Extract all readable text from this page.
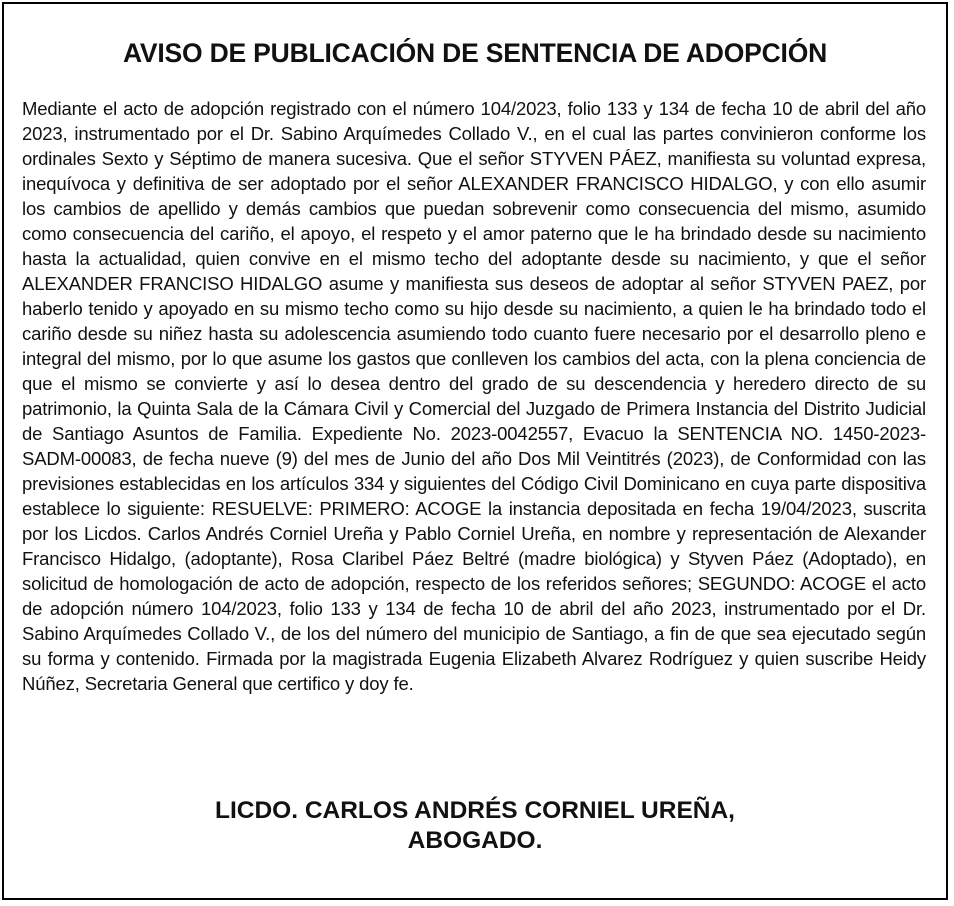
AVISO DE PUBLICACIÓN DE SENTENCIA DE ADOPCIÓN

Mediante el acto de adopción registrado con el número 104/2023, folio 133 y 134 de fecha 10 de abril del año 2023, instrumentado por el Dr. Sabino Arquímedes Collado V., en el cual las partes convinieron conforme los ordinales Sexto y Séptimo de manera sucesiva. Que el señor STYVEN PÁEZ, manifiesta su voluntad expresa, inequívoca y definitiva de ser adoptado por el señor ALEXANDER FRANCISCO HIDALGO, y con ello asumir los cambios de apellido y demás cambios que puedan sobrevenir como consecuencia del mismo, asumido como consecuencia del cariño, el apoyo, el respeto y el amor paterno que le ha brindado desde su nacimiento hasta la actualidad, quien convive en el mismo techo del adoptante desde su nacimiento, y que el señor ALEXANDER FRANCISO HIDALGO asume y manifiesta sus deseos de adoptar al señor STYVEN PAEZ, por haberlo tenido y apoyado en su mismo techo como su hijo desde su nacimiento, a quien le ha brindado todo el cariño desde su niñez hasta su adolescencia asumiendo todo cuanto fuere necesario por el desarrollo pleno e integral del mismo, por lo que asume los gastos que conlleven los cambios del acta, con la plena conciencia de que el mismo se convierte y así lo desea dentro del grado de su descendencia y heredero directo de su patrimonio, la Quinta Sala de la Cámara Civil y Comercial del Juzgado de Primera Instancia del Distrito Judicial de Santiago Asuntos de Familia. Expediente No. 2023-0042557, Evacuo la SENTENCIA NO. 1450-2023-SADM-00083, de fecha nueve (9) del mes de Junio del año Dos Mil Veintitrés (2023), de Conformidad con las previsiones establecidas en los artículos 334 y siguientes del Código Civil Dominicano en cuya parte dispositiva establece lo siguiente: RESUELVE: PRIMERO: ACOGE la instancia depositada en fecha 19/04/2023, suscrita por los Licdos. Carlos Andrés Corniel Ureña y Pablo Corniel Ureña, en nombre y representación de Alexander Francisco Hidalgo, (adoptante), Rosa Claribel Páez Beltré (madre biológica) y Styven Páez (Adoptado), en solicitud de homologación de acto de adopción, respecto de los referidos señores; SEGUNDO: ACOGE el acto de adopción número 104/2023, folio 133 y 134 de fecha 10 de abril del año 2023, instrumentado por el Dr. Sabino Arquímedes Collado V., de los del número del municipio de Santiago, a fin de que sea ejecutado según su forma y contenido. Firmada por la magistrada Eugenia Elizabeth Alvarez Rodríguez y quien suscribe Heidy Núñez, Secretaria General que certifico y doy fe.

LICDO. CARLOS ANDRÉS CORNIEL UREÑA,
ABOGADO.
